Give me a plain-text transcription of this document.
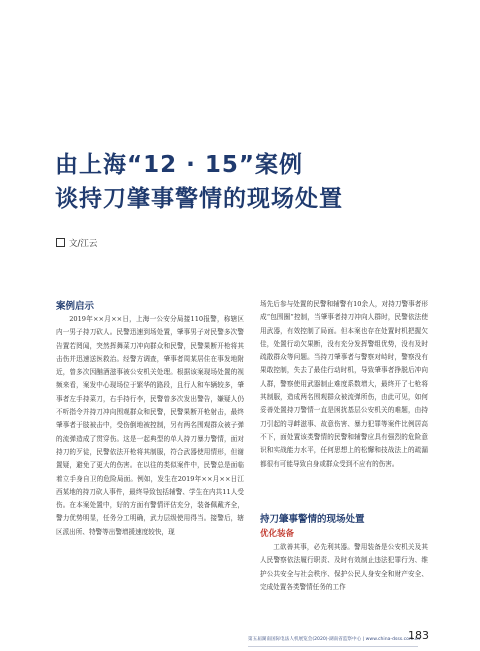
由上海“12 · 15”案例
谈持刀肇事警情的现场处置
文/江云
案例启示

2019年××月××日，上海一公安分局接110报警，称辖区内一男子持刀砍人。民警迅速到场处置，肇事男子对民警多次警告置若罔闻，突然挥舞菜刀冲向群众和民警，民警果断开枪将其击伤并迅速送医救治。经警方调查，肇事者周某居住在事发地附近，曾多次因酗酒滋事被公安机关处理。根据该案现场处置的视频来看，案发中心现场位于繁华的路段，且行人和车辆较多，肇事者左手持菜刀，右手持行李，民警曾多次发出警告，嫌疑人仍不听指令并持刀冲向围观群众和民警，民警果断开枪射击，最终肇事者于肢被击中，受伤倒地被控制，另有两名围观群众被子弹的流弹造成了贯穿伤。这是一起典型的单人持刀暴力警情，面对持刀的歹徒，民警依法开枪将其制服，符合武器使用情形，但谢置疑，避免了更大的伤害。在以往的类似案件中，民警总是面临着立手身自卫的危险局面。例如，发生在2019年××月××日江西某地的持刀砍人事件，最终导致包括辅警、学生在内共11人受伤。在本案处置中，好的方面有警情评估充分，装备佩戴齐全，警力优势明显，任务分工明确，武力层级使用得当。接警后，辖区派出所、特警等出警增援速度较快，现

场先后参与处置的民警和辅警有10余人，对持刀警事者形成“包围圈”控制，当肇事者持刀冲向人群时，民警依法使用武器，有效控制了局面。但本案也存在处置时机把握欠佳，处置行动欠果断，没有充分发挥警组优势，没有及时疏散群众等问题。当持刀肇事者与警察对峙时，警察没有果敢控制，失去了最佳行动时机，导致肇事者挣脱后冲向人群，警察使用武器制止难度系数增大，最终开了七枪将其制服，造成两名围观群众被流弹所伤，由此可见，如何妥善处置持刀警情一直是困扰基层公安机关的难题，由持刀引起的寻衅滋事、故意伤害、暴力犯罪等案件比例居高不下，面处置该类警情的民警和辅警应具有强烈的危险意识和实战能力水平，任何思想上的松懈和技战法上的疏漏都很有可能导致自身或群众受到不应有的伤害。

持刀肇事警情的现场处置
优化装备

工欲善其事，必先利其器。警用装备是公安机关及其人民警察依法履行职责、及时有效制止违法犯罪行为、维护公共安全与社会秩序、保护公民人身安全和财产安全、完成处置各类警情任务的工作

第五届湖南国际电法人机展览会(2020)·湖南省监察中心 | www.china-dsss.com.cn
183
